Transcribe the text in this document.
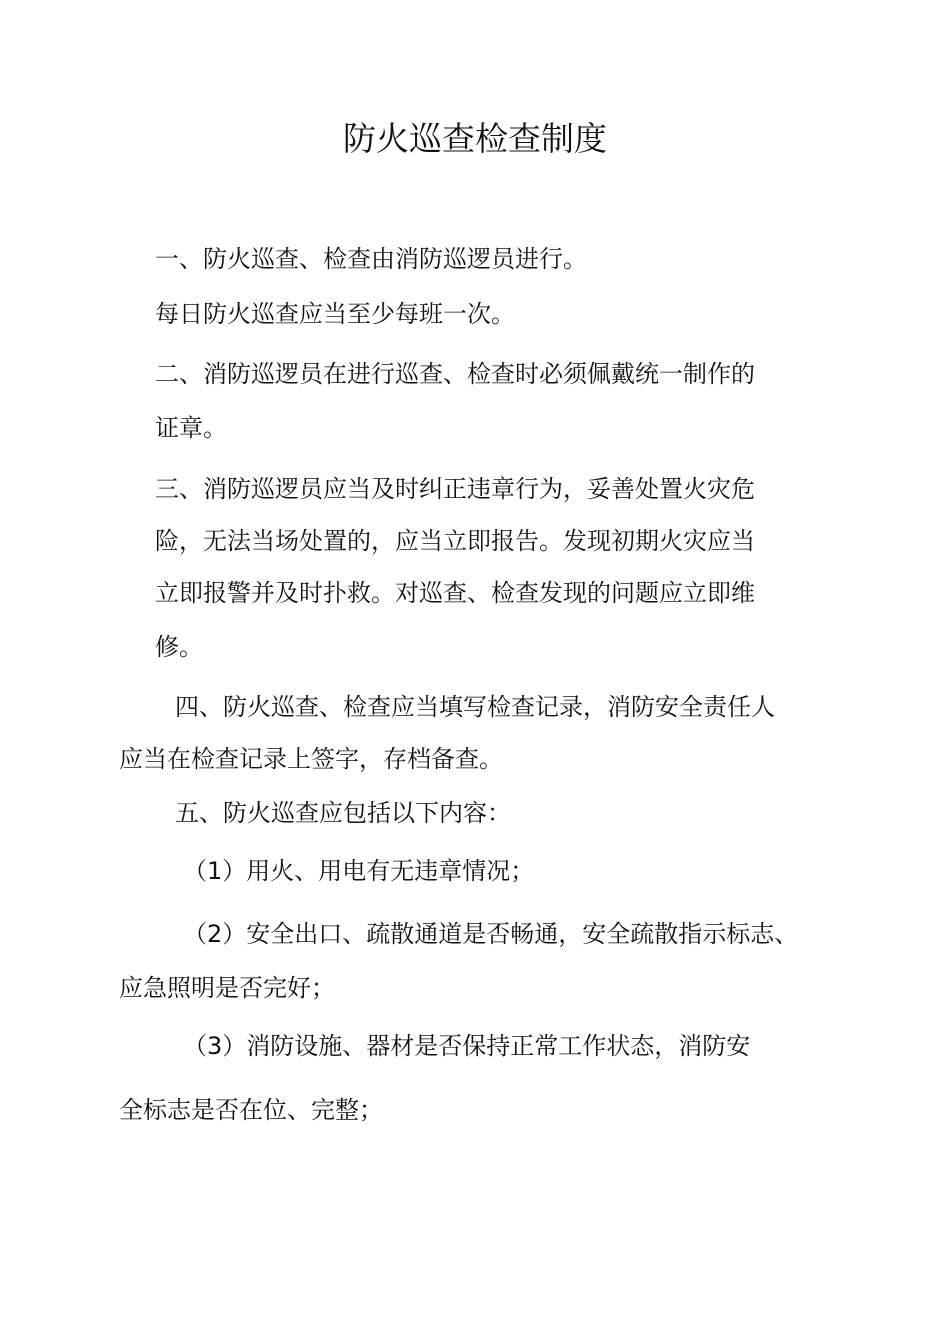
防火巡查检查制度
一、防火巡查、检查由消防巡逻员进行。
每日防火巡查应当至少每班一次。
二、消防巡逻员在进行巡查、检查时必须佩戴统一制作的
证章。
三、消防巡逻员应当及时纠正违章行为，妥善处置火灾危
险，无法当场处置的，应当立即报告。发现初期火灾应当
立即报警并及时扑救。对巡查、检查发现的问题应立即维
修。
四、防火巡查、检查应当填写检查记录，消防安全责任人
应当在检查记录上签字，存档备查。
五、防火巡查应包括以下内容：
（1）用火、用电有无违章情况；
（2）安全出口、疏散通道是否畅通，安全疏散指示标志、
应急照明是否完好；
（3）消防设施、器材是否保持正常工作状态，消防安
全标志是否在位、完整；
